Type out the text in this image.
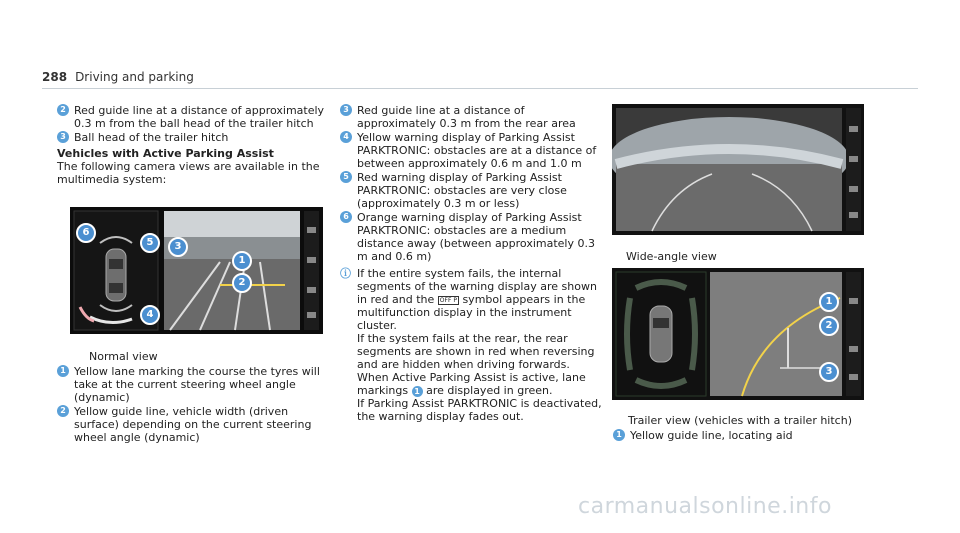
288 Driving and parking
2 Red guide line at a distance of approximately 0.3 m from the ball head of the trailer hitch
3 Ball head of the trailer hitch
Vehicles with Active Parking Assist

The following camera views are available in the multimedia system:

6
5
4
3
1
2
Normal view
1 Yellow lane marking the course the tyres will take at the current steering wheel angle (dynamic)
2 Yellow guide line, vehicle width (driven surface) depending on the current steering wheel angle (dynamic)
3 Red guide line at a distance of approximately 0.3 m from the rear area
4 Yellow warning display of Parking Assist PARKTRONIC: obstacles are at a distance of between approximately 0.6 m and 1.0 m
5 Red warning display of Parking Assist PARKTRONIC: obstacles are very close (approximately 0.3 m or less)
6 Orange warning display of Parking Assist PARKTRONIC: obstacles are a medium distance away (between approximately 0.3 m and 0.6 m)
ⓘ If the entire system fails, the internal segments of the warning display are shown in red and the OFF P symbol appears in the multifunction display in the instrument cluster.
If the system fails at the rear, the rear segments are shown in red when reversing and are hidden when driving forwards.
When Active Parking Assist is active, lane markings 1 are displayed in green.
If Parking Assist PARKTRONIC is deactivated, the warning display fades out.
Wide-angle view
1
2
3
Trailer view (vehicles with a trailer hitch)
1 Yellow guide line, locating aid
carmanualsonline.info
